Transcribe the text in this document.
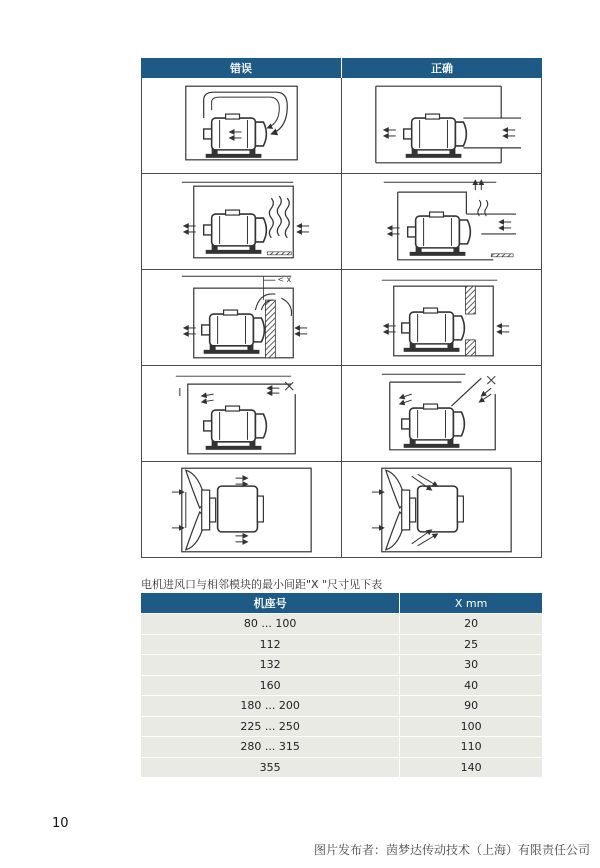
错误	正确
< x
电机进风口与相邻模块的最小间距"X "尺寸见下表
机座号	X mm
80 ... 100	20
112	25
132	30
160	40
180 ... 200	90
225 ... 250	100
280 ... 315	110
355	140
10
图片发布者：茵梦达传动技术（上海）有限责任公司
